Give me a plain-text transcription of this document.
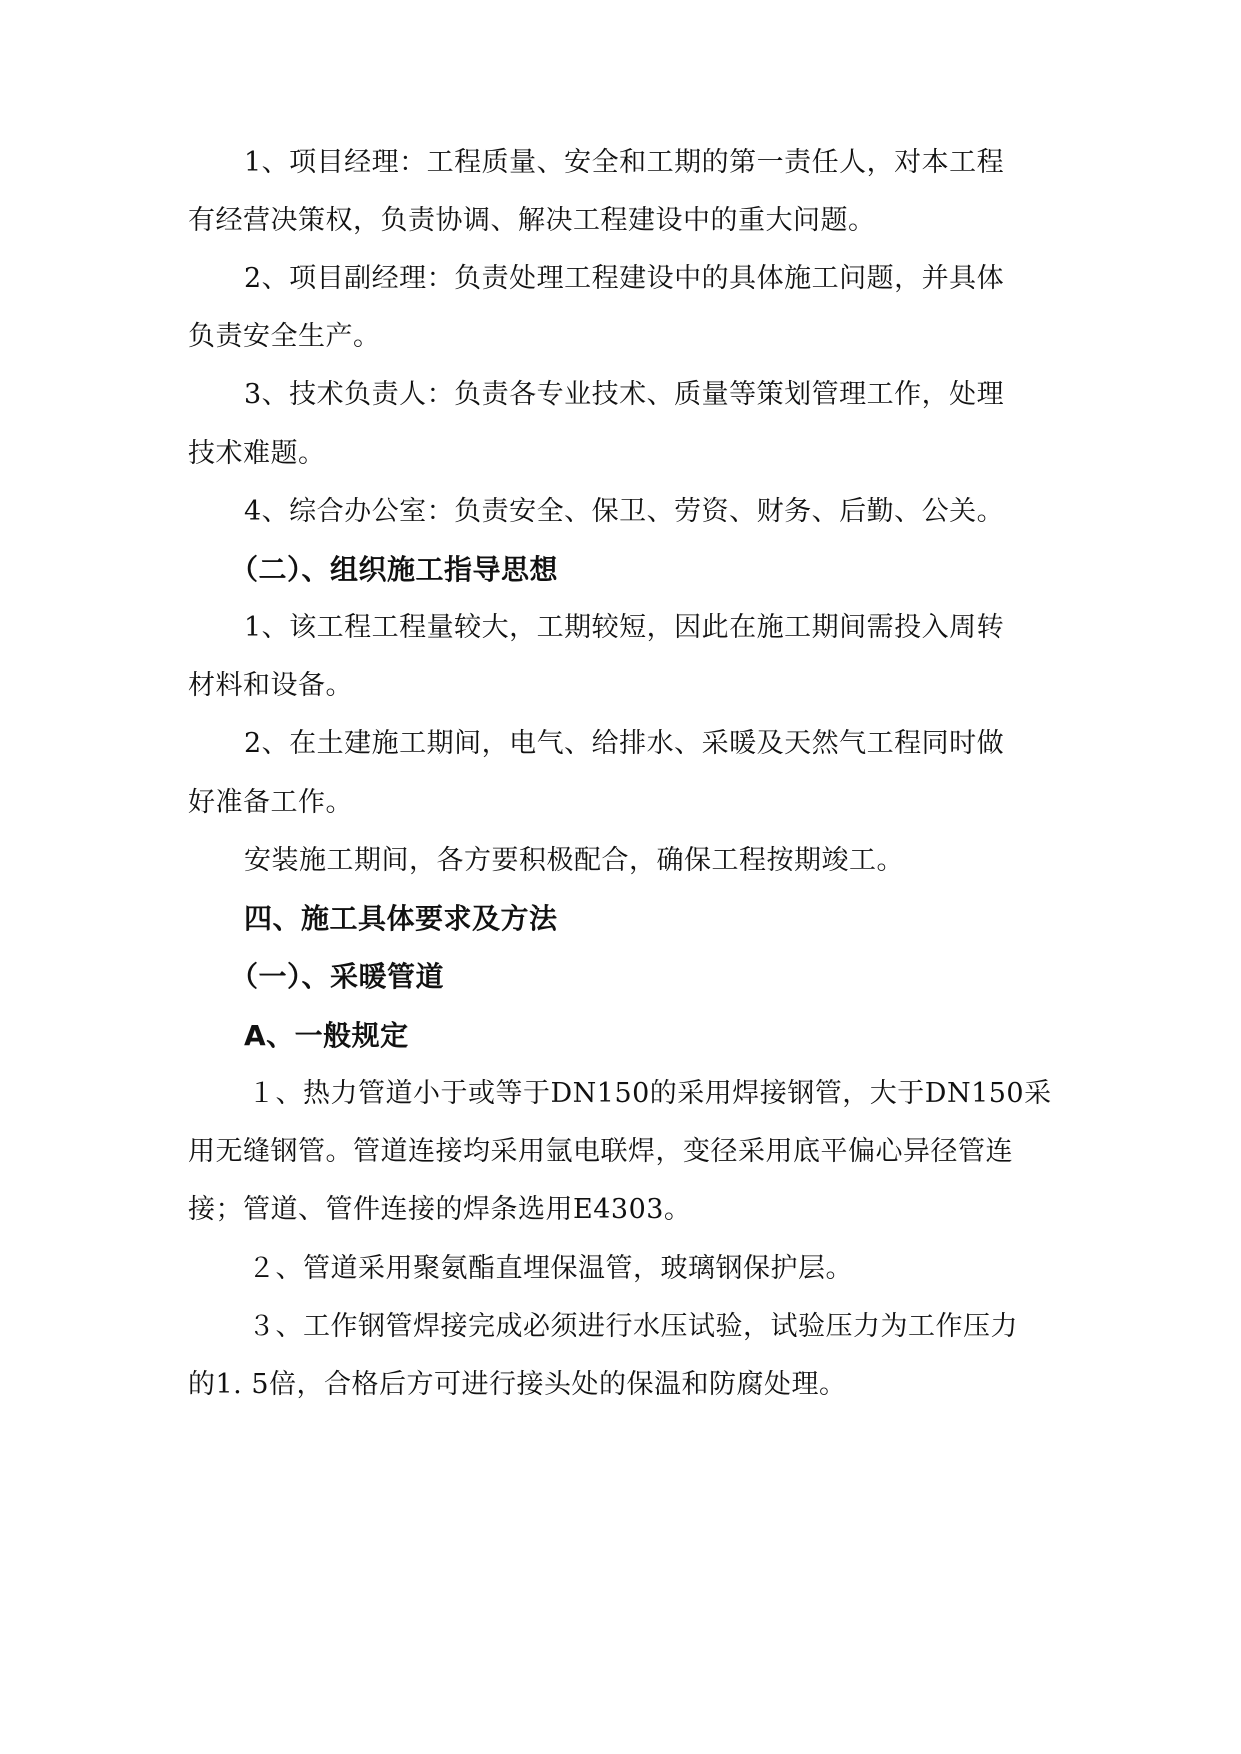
1、项目经理：工程质量、安全和工期的第一责任人，对本工程
有经营决策权，负责协调、解决工程建设中的重大问题。
2、项目副经理：负责处理工程建设中的具体施工问题，并具体
负责安全生产。
3、技术负责人：负责各专业技术、质量等策划管理工作，处理
技术难题。
4、综合办公室：负责安全、保卫、劳资、财务、后勤、公关。
（二）、组织施工指导思想
1、该工程工程量较大，工期较短，因此在施工期间需投入周转
材料和设备。
2、在土建施工期间，电气、给排水、采暖及天然气工程同时做
好准备工作。
安装施工期间，各方要积极配合，确保工程按期竣工。
四、施工具体要求及方法
（一）、采暖管道
A、一般规定
１、热力管道小于或等于DN150的采用焊接钢管，大于DN150采
用无缝钢管。管道连接均采用氩电联焊，变径采用底平偏心异径管连
接；管道、管件连接的焊条选用E4303。
２、管道采用聚氨酯直埋保温管，玻璃钢保护层。
３、工作钢管焊接完成必须进行水压试验，试验压力为工作压力
的1. 5倍，合格后方可进行接头处的保温和防腐处理。
